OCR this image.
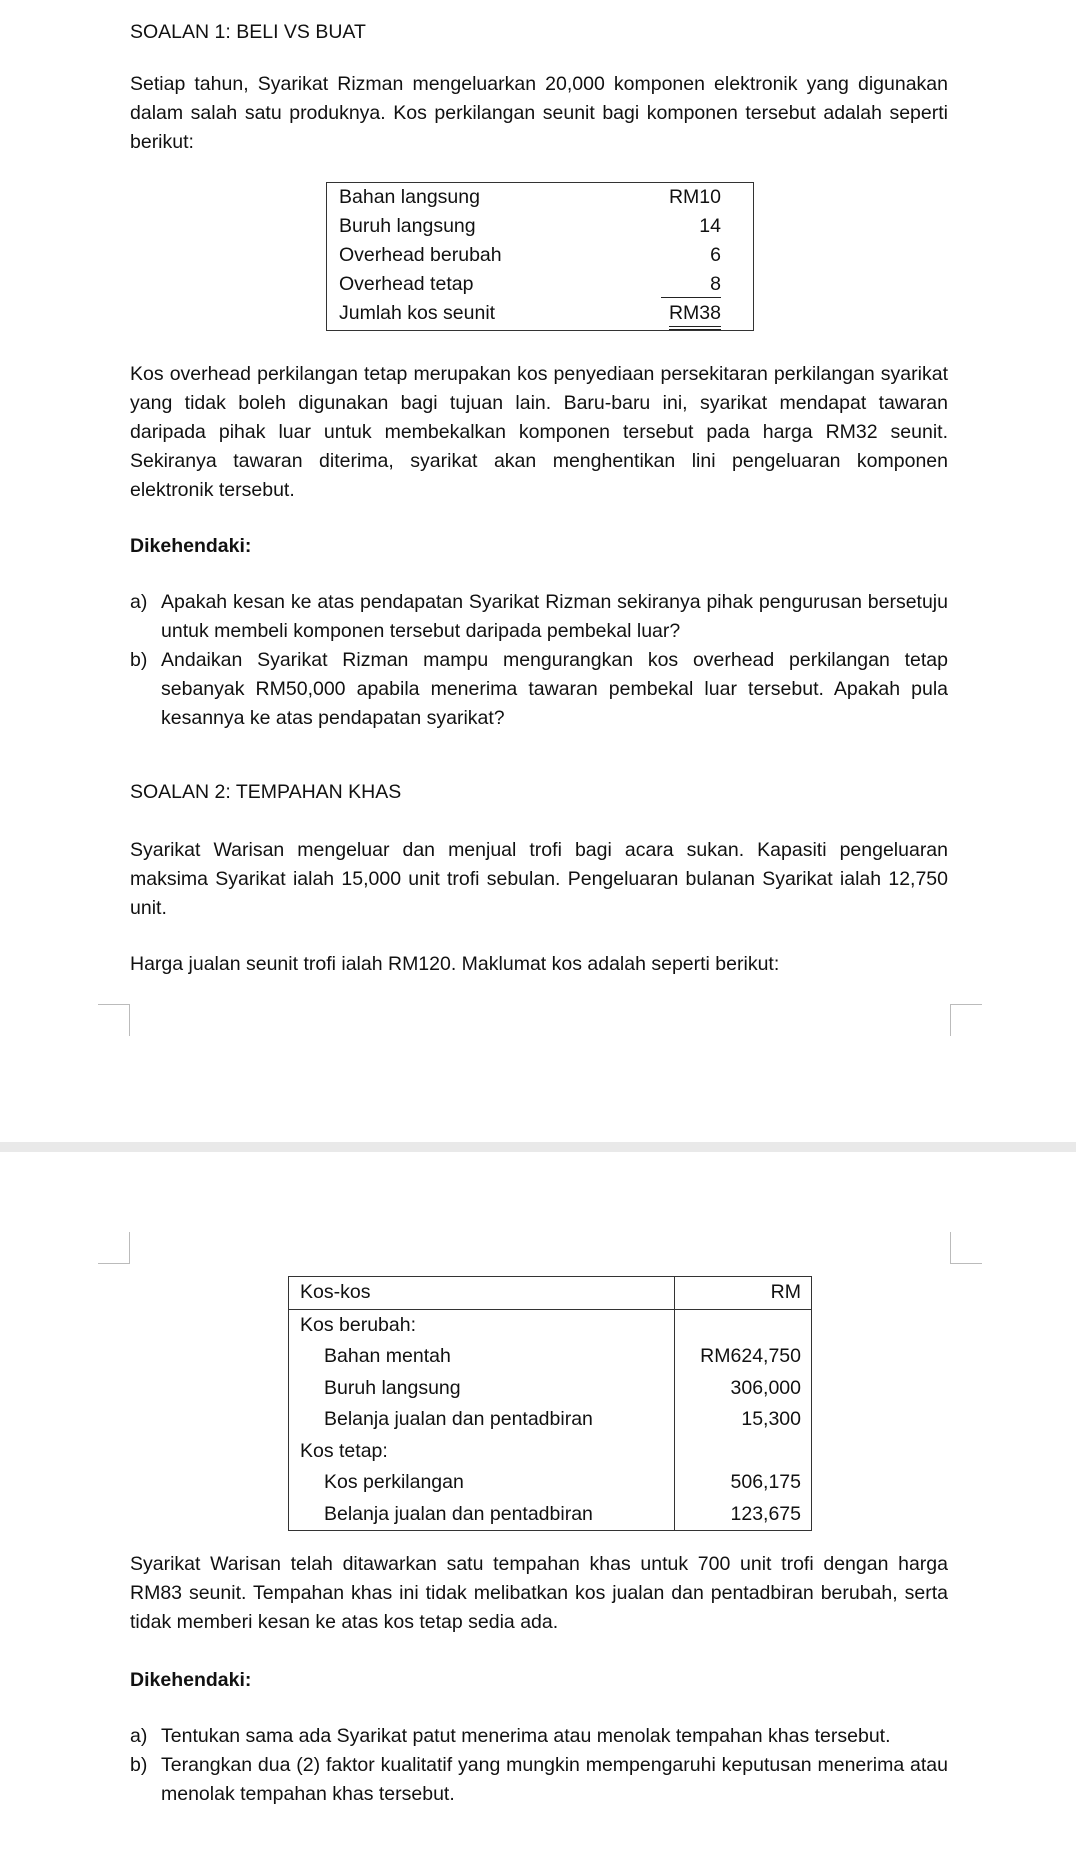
SOALAN 1: BELI VS BUAT
Setiap tahun, Syarikat Rizman mengeluarkan 20,000 komponen elektronik yang digunakan dalam salah satu produknya. Kos perkilangan seunit bagi komponen tersebut adalah seperti berikut:
Bahan langsung	RM10
Buruh langsung	14
Overhead berubah	6
Overhead tetap	8
Jumlah kos seunit	RM38
Kos overhead perkilangan tetap merupakan kos penyediaan persekitaran perkilangan syarikat yang tidak boleh digunakan bagi tujuan lain. Baru-baru ini, syarikat mendapat tawaran daripada pihak luar untuk membekalkan komponen tersebut pada harga RM32 seunit. Sekiranya tawaran diterima, syarikat akan menghentikan lini pengeluaran komponen elektronik tersebut.
Dikehendaki:
a) Apakah kesan ke atas pendapatan Syarikat Rizman sekiranya pihak pengurusan bersetuju untuk membeli komponen tersebut daripada pembekal luar?
b) Andaikan Syarikat Rizman mampu mengurangkan kos overhead perkilangan tetap sebanyak RM50,000 apabila menerima tawaran pembekal luar tersebut. Apakah pula kesannya ke atas pendapatan syarikat?
SOALAN 2: TEMPAHAN KHAS
Syarikat Warisan mengeluar dan menjual trofi bagi acara sukan. Kapasiti pengeluaran maksima Syarikat ialah 15,000 unit trofi sebulan. Pengeluaran bulanan Syarikat ialah 12,750 unit.
Harga jualan seunit trofi ialah RM120. Maklumat kos adalah seperti berikut:
Kos-kos	RM
Kos berubah:	
Bahan mentah	RM624,750
Buruh langsung	306,000
Belanja jualan dan pentadbiran	15,300
Kos tetap:	
Kos perkilangan	506,175
Belanja jualan dan pentadbiran	123,675
Syarikat Warisan telah ditawarkan satu tempahan khas untuk 700 unit trofi dengan harga RM83 seunit. Tempahan khas ini tidak melibatkan kos jualan dan pentadbiran berubah, serta tidak memberi kesan ke atas kos tetap sedia ada.
Dikehendaki:
a) Tentukan sama ada Syarikat patut menerima atau menolak tempahan khas tersebut.
b) Terangkan dua (2) faktor kualitatif yang mungkin mempengaruhi keputusan menerima atau menolak tempahan khas tersebut.
